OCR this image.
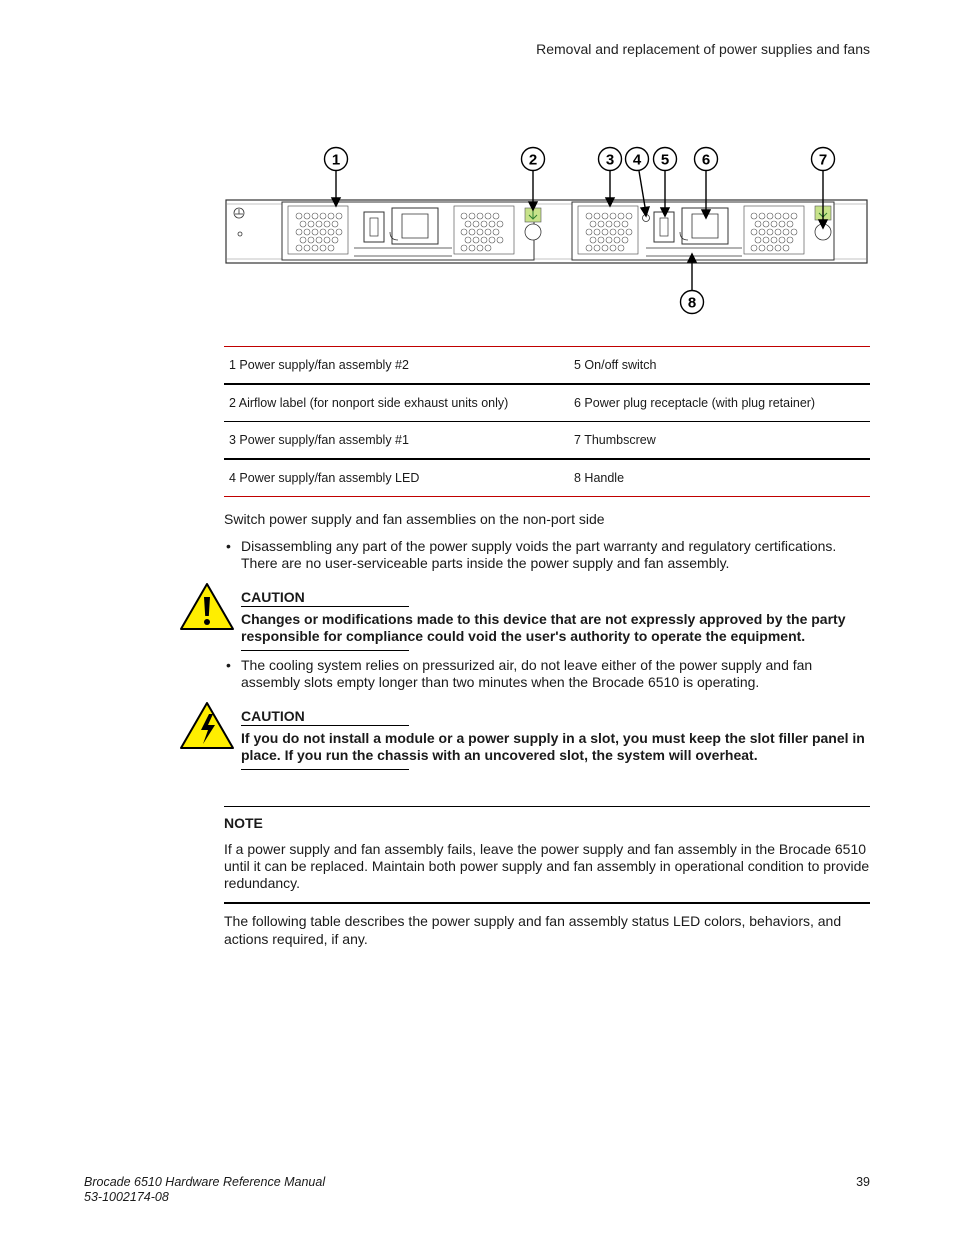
Removal and replacement of power supplies and fans
1	2	3 4 5 6	7
8
1 Power supply/fan assembly #2	5 On/off switch
2 Airflow label (for nonport side exhaust units only)	6 Power plug receptacle (with plug retainer)
3 Power supply/fan assembly #1	7 Thumbscrew
4 Power supply/fan assembly LED	8 Handle
Switch power supply and fan assemblies on the non-port side
• Disassembling any part of the power supply voids the part warranty and regulatory certifications. There are no user-serviceable parts inside the power supply and fan assembly.
CAUTION
Changes or modifications made to this device that are not expressly approved by the party responsible for compliance could void the user's authority to operate the equipment.
• The cooling system relies on pressurized air, do not leave either of the power supply and fan assembly slots empty longer than two minutes when the Brocade 6510 is operating.
CAUTION
If you do not install a module or a power supply in a slot, you must keep the slot filler panel in place. If you run the chassis with an uncovered slot, the system will overheat.
NOTE
If a power supply and fan assembly fails, leave the power supply and fan assembly in the Brocade 6510 until it can be replaced. Maintain both power supply and fan assembly in operational condition to provide redundancy.
The following table describes the power supply and fan assembly status LED colors, behaviors, and actions required, if any.
Brocade 6510 Hardware Reference Manual
53-1002174-08
39
